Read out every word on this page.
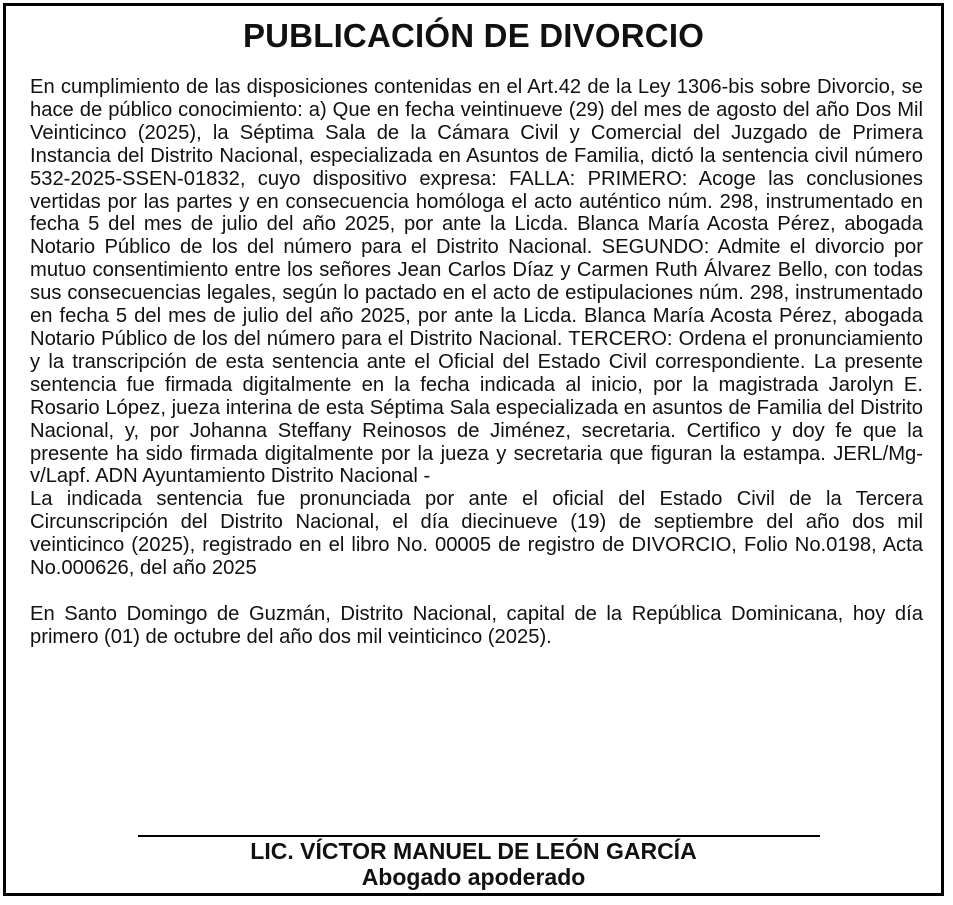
PUBLICACIÓN DE DIVORCIO

En cumplimiento de las disposiciones contenidas en el Art.42 de la Ley 1306-bis sobre Divorcio, se hace de público conocimiento: a) Que en fecha veintinueve (29) del mes de agosto del año Dos Mil Veinticinco (2025), la Séptima Sala de la Cámara Civil y Comercial del Juzgado de Primera Instancia del Distrito Nacional, especializada en Asuntos de Familia, dictó la sentencia civil número 532-2025-SSEN-01832, cuyo dispositivo expresa: FALLA: PRIMERO: Acoge las conclusiones vertidas por las partes y en consecuencia homóloga el acto auténtico núm. 298, instrumentado en fecha 5 del mes de julio del año 2025, por ante la Licda. Blanca María Acosta Pérez, abogada Notario Público de los del número para el Distrito Nacional. SEGUNDO: Admite el divorcio por mutuo consentimiento entre los señores Jean Carlos Díaz y Carmen Ruth Álvarez Bello, con todas sus consecuencias legales, según lo pactado en el acto de estipulaciones núm. 298, instrumentado en fecha 5 del mes de julio del año 2025, por ante la Licda. Blanca María Acosta Pérez, abogada Notario Público de los del número para el Distrito Nacional. TERCERO: Ordena el pronunciamiento y la transcripción de esta sentencia ante el Oficial del Estado Civil correspondiente. La presente sentencia fue firmada digitalmente en la fecha indicada al inicio, por la magistrada Jarolyn E. Rosario López, jueza interina de esta Séptima Sala especializada en asuntos de Familia del Distrito Nacional, y, por Johanna Steffany Reinosos de Jiménez, secretaria. Certifico y doy fe que la presente ha sido firmada digitalmente por la jueza y secretaria que figuran la estampa. JERL/Mg-v/Lapf. ADN Ayuntamiento Distrito Nacional -

La indicada sentencia fue pronunciada por ante el oficial del Estado Civil de la Tercera Circunscripción del Distrito Nacional, el día diecinueve (19) de septiembre del año dos mil veinticinco (2025), registrado en el libro No. 00005 de registro de DIVORCIO, Folio No.0198, Acta No.000626, del año 2025

En Santo Domingo de Guzmán, Distrito Nacional, capital de la República Dominicana, hoy día primero (01) de octubre del año dos mil veinticinco (2025).

LIC. VÍCTOR MANUEL DE LEÓN GARCÍA
Abogado apoderado
